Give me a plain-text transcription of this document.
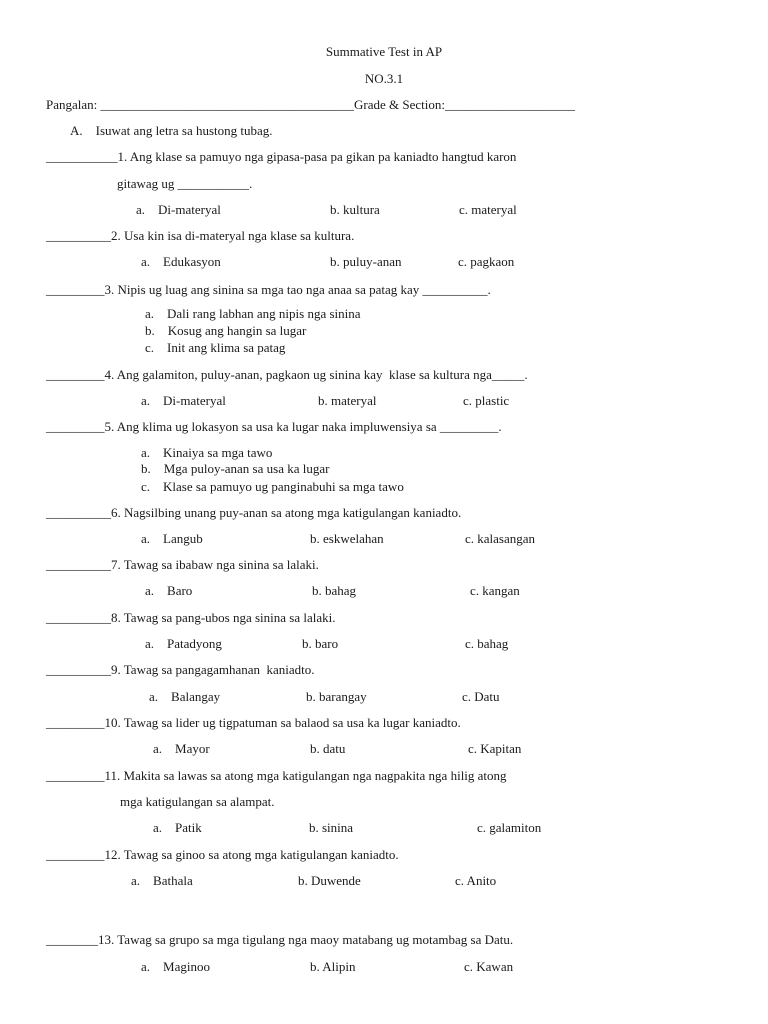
Summative Test in AP
NO.3.1
Pangalan: _______________________________________Grade & Section:____________________
A.    Isuwat ang letra sa hustong tubag.
___________1. Ang klase sa pamuyo nga gipasa-pasa pa gikan pa kaniadto hangtud karon
gitawag ug ___________.
a.    Di-materyal	b. kultura	c. materyal
__________2. Usa kin isa di-materyal nga klase sa kultura.
a.    Edukasyon	b. puluy-anan	c. pagkaon
_________3. Nipis ug luag ang sinina sa mga tao nga anaa sa patag kay __________.
a.    Dali rang labhan ang nipis nga sinina
b.    Kosug ang hangin sa lugar
c.    Init ang klima sa patag
_________4. Ang galamiton, puluy-anan, pagkaon ug sinina kay  klase sa kultura nga_____.
a.    Di-materyal	b. materyal	c. plastic
_________5. Ang klima ug lokasyon sa usa ka lugar naka impluwensiya sa _________.
a.    Kinaiya sa mga tawo
b.    Mga puloy-anan sa usa ka lugar
c.    Klase sa pamuyo ug panginabuhi sa mga tawo
__________6. Nagsilbing unang puy-anan sa atong mga katigulangan kaniadto.
a.    Langub	b. eskwelahan	c. kalasangan
__________7. Tawag sa ibabaw nga sinina sa lalaki.
a.    Baro	b. bahag	c. kangan
__________8. Tawag sa pang-ubos nga sinina sa lalaki.
a.    Patadyong	b. baro	c. bahag
__________9. Tawag sa pangagamhanan  kaniadto.
a.    Balangay	b. barangay	c. Datu
_________10. Tawag sa lider ug tigpatuman sa balaod sa usa ka lugar kaniadto.
a.    Mayor	b. datu	c. Kapitan
_________11. Makita sa lawas sa atong mga katigulangan nga nagpakita nga hilig atong
mga katigulangan sa alampat.
a.    Patik	b. sinina	c. galamiton
_________12. Tawag sa ginoo sa atong mga katigulangan kaniadto.
a.    Bathala	b. Duwende	c. Anito
________13. Tawag sa grupo sa mga tigulang nga maoy matabang ug motambag sa Datu.
a.    Maginoo	b. Alipin	c. Kawan
